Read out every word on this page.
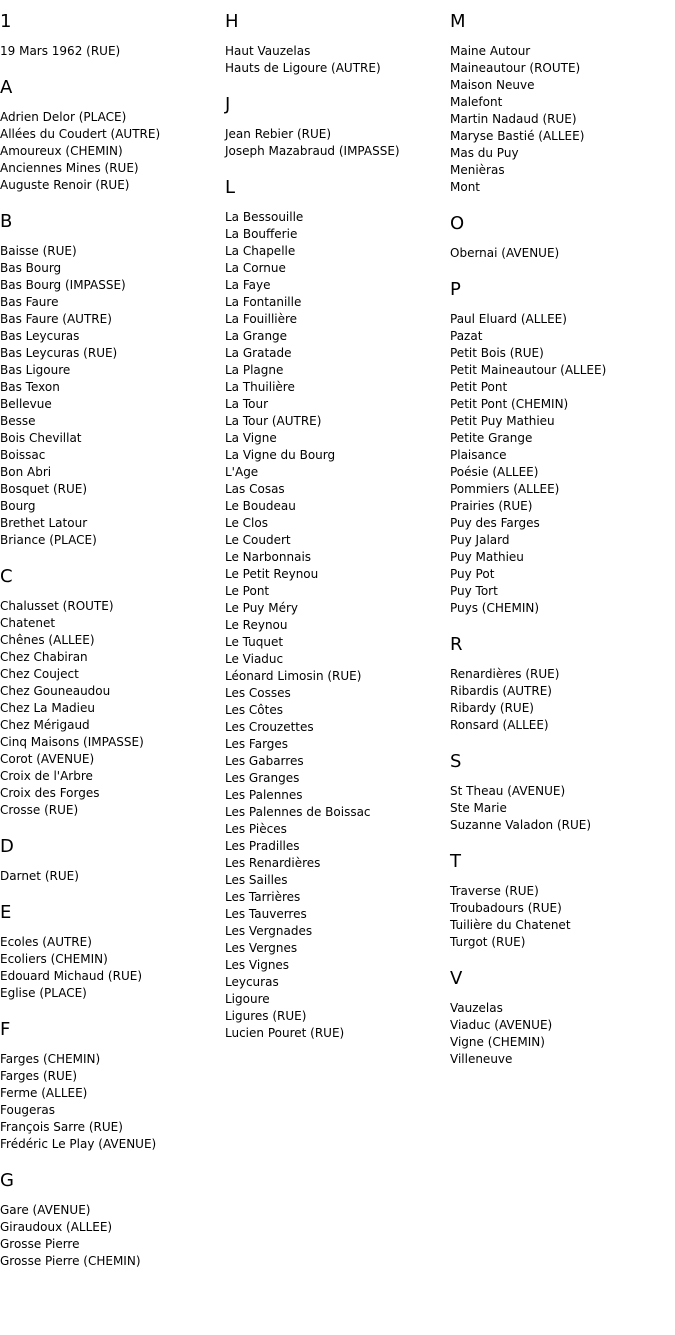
1
19 Mars 1962 (RUE)
A
Adrien Delor (PLACE)
Allées du Coudert (AUTRE)
Amoureux (CHEMIN)
Anciennes Mines (RUE)
Auguste Renoir (RUE)
B
Baisse (RUE)
Bas Bourg
Bas Bourg (IMPASSE)
Bas Faure
Bas Faure (AUTRE)
Bas Leycuras
Bas Leycuras (RUE)
Bas Ligoure
Bas Texon
Bellevue
Besse
Bois Chevillat
Boissac
Bon Abri
Bosquet (RUE)
Bourg
Brethet Latour
Briance (PLACE)
C
Chalusset (ROUTE)
Chatenet
Chênes (ALLEE)
Chez Chabiran
Chez Couject
Chez Gouneaudou
Chez La Madieu
Chez Mérigaud
Cinq Maisons (IMPASSE)
Corot (AVENUE)
Croix de l'Arbre
Croix des Forges
Crosse (RUE)
D
Darnet (RUE)
E
Ecoles (AUTRE)
Ecoliers (CHEMIN)
Edouard Michaud (RUE)
Eglise (PLACE)
F
Farges (CHEMIN)
Farges (RUE)
Ferme (ALLEE)
Fougeras
François Sarre (RUE)
Frédéric Le Play (AVENUE)
G
Gare (AVENUE)
Giraudoux (ALLEE)
Grosse Pierre
Grosse Pierre (CHEMIN)
H
Haut Vauzelas
Hauts de Ligoure (AUTRE)
J
Jean Rebier (RUE)
Joseph Mazabraud (IMPASSE)
L
La Bessouille
La Boufferie
La Chapelle
La Cornue
La Faye
La Fontanille
La Fouillière
La Grange
La Gratade
La Plagne
La Thuilière
La Tour
La Tour (AUTRE)
La Vigne
La Vigne du Bourg
L'Age
Las Cosas
Le Boudeau
Le Clos
Le Coudert
Le Narbonnais
Le Petit Reynou
Le Pont
Le Puy Méry
Le Reynou
Le Tuquet
Le Viaduc
Léonard Limosin (RUE)
Les Cosses
Les Côtes
Les Crouzettes
Les Farges
Les Gabarres
Les Granges
Les Palennes
Les Palennes de Boissac
Les Pièces
Les Pradilles
Les Renardières
Les Sailles
Les Tarrières
Les Tauverres
Les Vergnades
Les Vergnes
Les Vignes
Leycuras
Ligoure
Ligures (RUE)
Lucien Pouret (RUE)
M
Maine Autour
Maineautour (ROUTE)
Maison Neuve
Malefont
Martin Nadaud (RUE)
Maryse Bastié (ALLEE)
Mas du Puy
Menièras
Mont
O
Obernai (AVENUE)
P
Paul Eluard (ALLEE)
Pazat
Petit Bois (RUE)
Petit Maineautour (ALLEE)
Petit Pont
Petit Pont (CHEMIN)
Petit Puy Mathieu
Petite Grange
Plaisance
Poésie (ALLEE)
Pommiers (ALLEE)
Prairies (RUE)
Puy des Farges
Puy Jalard
Puy Mathieu
Puy Pot
Puy Tort
Puys (CHEMIN)
R
Renardières (RUE)
Ribardis (AUTRE)
Ribardy (RUE)
Ronsard (ALLEE)
S
St Theau (AVENUE)
Ste Marie
Suzanne Valadon (RUE)
T
Traverse (RUE)
Troubadours (RUE)
Tuilière du Chatenet
Turgot (RUE)
V
Vauzelas
Viaduc (AVENUE)
Vigne (CHEMIN)
Villeneuve
